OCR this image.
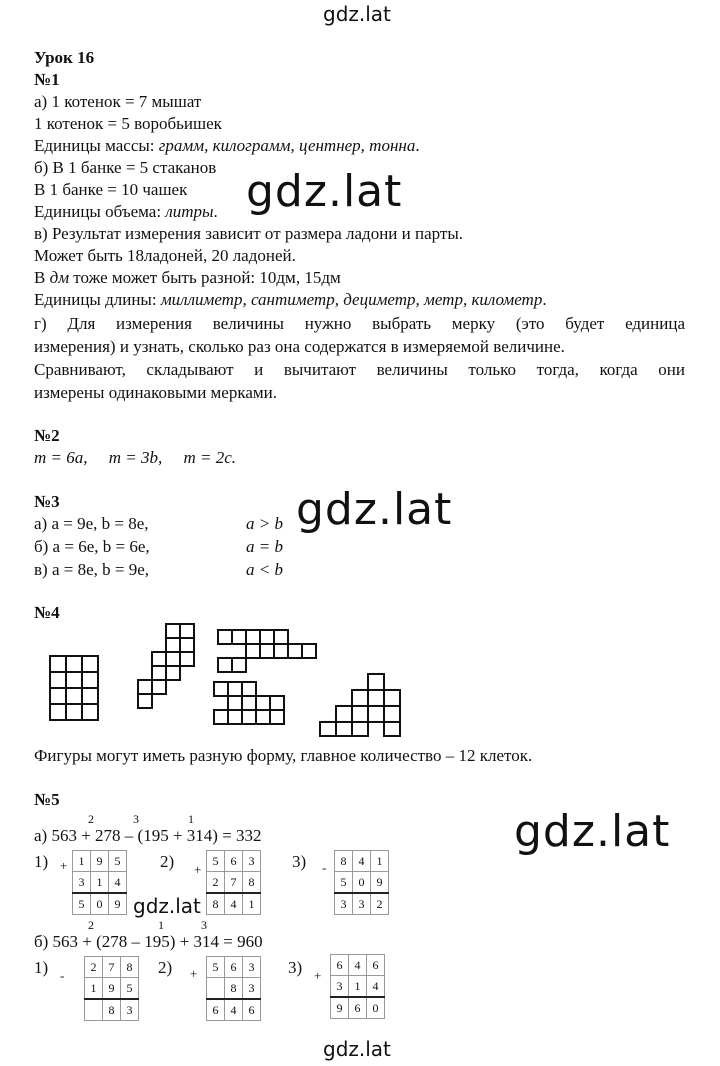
gdz.lat
gdz.lat
gdz.lat
gdz.lat
gdz.lat
gdz.lat
Урок 16
№1
а) 1 котенок = 7 мышат
1 котенок = 5 воробьишек
Единицы массы: грамм, килограмм, центнер, тонна.
б) В 1 банке = 5 стаканов
В 1 банке = 10 чашек
Единицы объема: литры.
в) Результат измерения зависит от размера ладони и парты.
Может быть 18ладоней, 20 ладоней.
В дм тоже может быть разной: 10дм, 15дм
Единицы длины: миллиметр, сантиметр, дециметр, метр, километр.
г) Для измерения величины нужно выбрать мерку (это будет единица
измерения) и узнать, сколько раз она содержатся в измеряемой величине.
Сравнивают, складывают и вычитают величины только тогда, когда они
измерены одинаковыми мерками.
№2
m = 6a,     m = 3b,     m = 2c.
№3
а) a = 9е, b = 8е,	a > b
б) a = 6е, b = 6е,	a = b
в) a = 8е, b = 9е,	a < b
№4
Фигуры могут иметь разную форму, главное количество – 12 клеток.
№5
2	3	1
а) 563 + 278 – (195 + 314) = 332
1) + 1	9	5
3	1	4
5	0	9
2) +
5	6	3
2	7	8
8	4	1
3) - 8	4	1
5	0	9
3	3	2
2	1	3
б) 563 + (278 – 195) + 314 = 960
1) -
2	7	8
1	9	5
	8	3
2) + 5	6	3
	8	3
6	4	6
3) +
6	4	6
3	1	4
9	6	0
